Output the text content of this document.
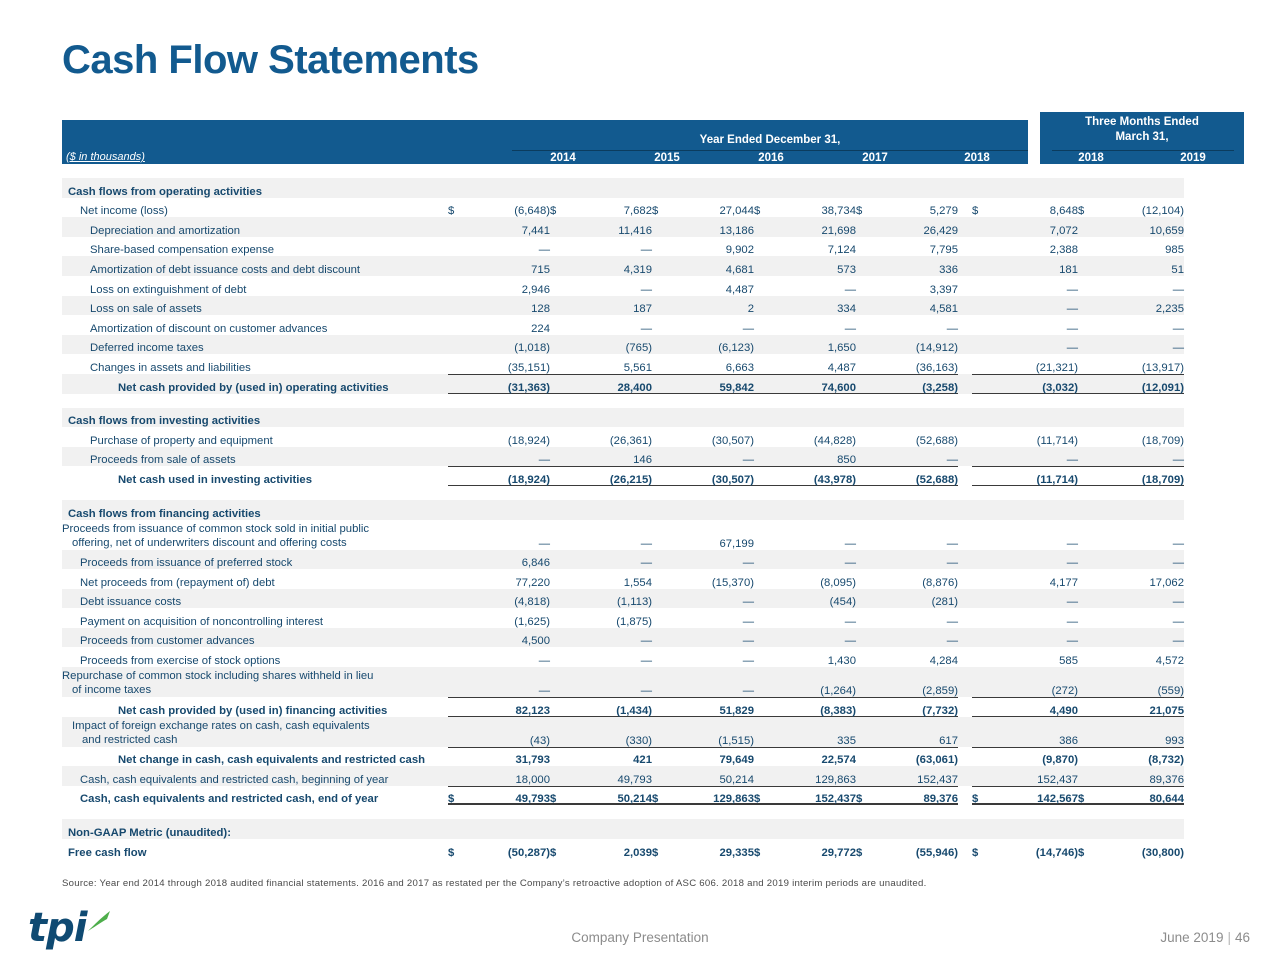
Cash Flow Statements
Three Months Ended
March 31,
Year Ended December 31,
($ in thousands)	2014	2015	2016	2017	2018	2018	2019

Cash flows from operating activities															
Net income (loss)	$	(6,648)	$	7,682	$	27,044	$	38,734	$	5,279		$	8,648	$	(12,104)
Depreciation and amortization		7,441		11,416		13,186		21,698		26,429			7,072		10,659
Share-based compensation expense		—		—		9,902		7,124		7,795			2,388		985
Amortization of debt issuance costs and debt discount		715		4,319		4,681		573		336			181		51
Loss on extinguishment of debt		2,946		—		4,487		—		3,397			—		—
Loss on sale of assets		128		187		2		334		4,581			—		2,235
Amortization of discount on customer advances		224		—		—		—		—			—		—
Deferred income taxes		(1,018)		(765)		(6,123)		1,650		(14,912)			—		—
Changes in assets and liabilities		(35,151)		5,561		6,663		4,487		(36,163)			(21,321)		(13,917)
Net cash provided by (used in) operating activities		(31,363)		28,400		59,842		74,600		(3,258)			(3,032)		(12,091)

Cash flows from investing activities															
Purchase of property and equipment		(18,924)		(26,361)		(30,507)		(44,828)		(52,688)			(11,714)		(18,709)
Proceeds from sale of assets		—		146		—		850		—			—		—
Net cash used in investing activities		(18,924)		(26,215)		(30,507)		(43,978)		(52,688)			(11,714)		(18,709)

Cash flows from financing activities															
Proceeds from issuance of common stock sold in initial public
offering, net of underwriters discount and offering costs		—		—		67,199		—		—			—		—
Proceeds from issuance of preferred stock		6,846		—		—		—		—			—		—
Net proceeds from (repayment of) debt		77,220		1,554		(15,370)		(8,095)		(8,876)			4,177		17,062
Debt issuance costs		(4,818)		(1,113)		—		(454)		(281)			—		—
Payment on acquisition of noncontrolling interest		(1,625)		(1,875)		—		—		—			—		—
Proceeds from customer advances		4,500		—		—		—		—			—		—
Proceeds from exercise of stock options		—		—		—		1,430		4,284			585		4,572
Repurchase of common stock including shares withheld in lieu
of income taxes		—		—		—		(1,264)		(2,859)			(272)		(559)
Net cash provided by (used in) financing activities		82,123		(1,434)		51,829		(8,383)		(7,732)			4,490		21,075
Impact of foreign exchange rates on cash, cash equivalents
and restricted cash		(43)		(330)		(1,515)		335		617			386		993
Net change in cash, cash equivalents and restricted cash		31,793		421		79,649		22,574		(63,061)			(9,870)		(8,732)
Cash, cash equivalents and restricted cash, beginning of year		18,000		49,793		50,214		129,863		152,437			152,437		89,376
Cash, cash equivalents and restricted cash, end of year	$	49,793	$	50,214	$	129,863	$	152,437	$	89,376		$	142,567	$	80,644

Non-GAAP Metric (unaudited):															
Free cash flow	$	(50,287)	$	2,039	$	29,335	$	29,772	$	(55,946)		$	(14,746)	$	(30,800)
Source: Year end 2014 through 2018 audited financial statements. 2016 and 2017 as restated per the Company’s retroactive adoption of ASC 606. 2018 and 2019 interim periods are unaudited.
tpi	Company Presentation	June 2019 | 46
